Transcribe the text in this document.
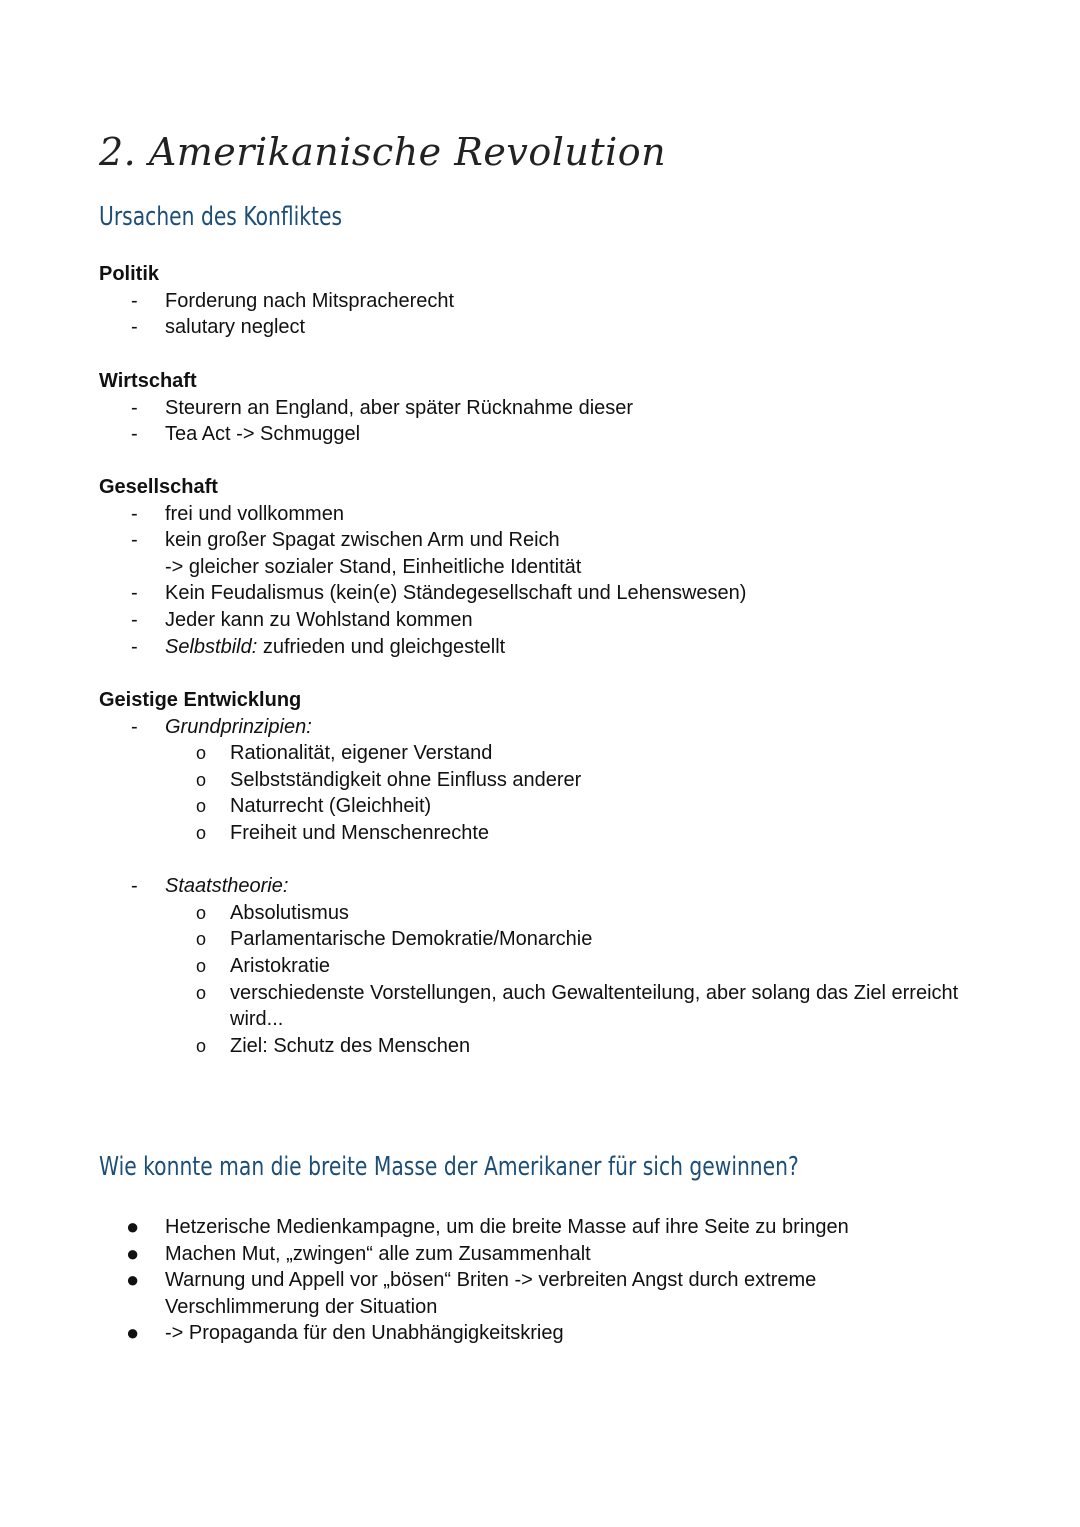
2. Amerikanische Revolution
Ursachen des Konfliktes

Politik

- Forderung nach Mitspracherecht
- salutary neglect

Wirtschaft

- Steurern an England, aber später Rücknahme dieser
- Tea Act -> Schmuggel

Gesellschaft

- frei und vollkommen
- kein großer Spagat zwischen Arm und Reich
-> gleicher sozialer Stand, Einheitliche Identität
- Kein Feudalismus (kein(e) Ständegesellschaft und Lehenswesen)
- Jeder kann zu Wohlstand kommen
- Selbstbild: zufrieden und gleichgestellt

Geistige Entwicklung

- Grundprinzipien:
o Rationalität, eigener Verstand
o Selbstständigkeit ohne Einfluss anderer
o Naturrecht (Gleichheit)
o Freiheit und Menschenrechte
- Staatstheorie:
o Absolutismus
o Parlamentarische Demokratie/Monarchie
o Aristokratie
o verschiedenste Vorstellungen, auch Gewaltenteilung, aber solang das Ziel erreicht wird...
o Ziel: Schutz des Menschen
Wie konnte man die breite Masse der Amerikaner für sich gewinnen?
● Hetzerische Medienkampagne, um die breite Masse auf ihre Seite zu bringen
● Machen Mut, „zwingen“ alle zum Zusammenhalt
● Warnung und Appell vor „bösen“ Briten -> verbreiten Angst durch extreme Verschlimmerung der Situation
● -> Propaganda für den Unabhängigkeitskrieg
